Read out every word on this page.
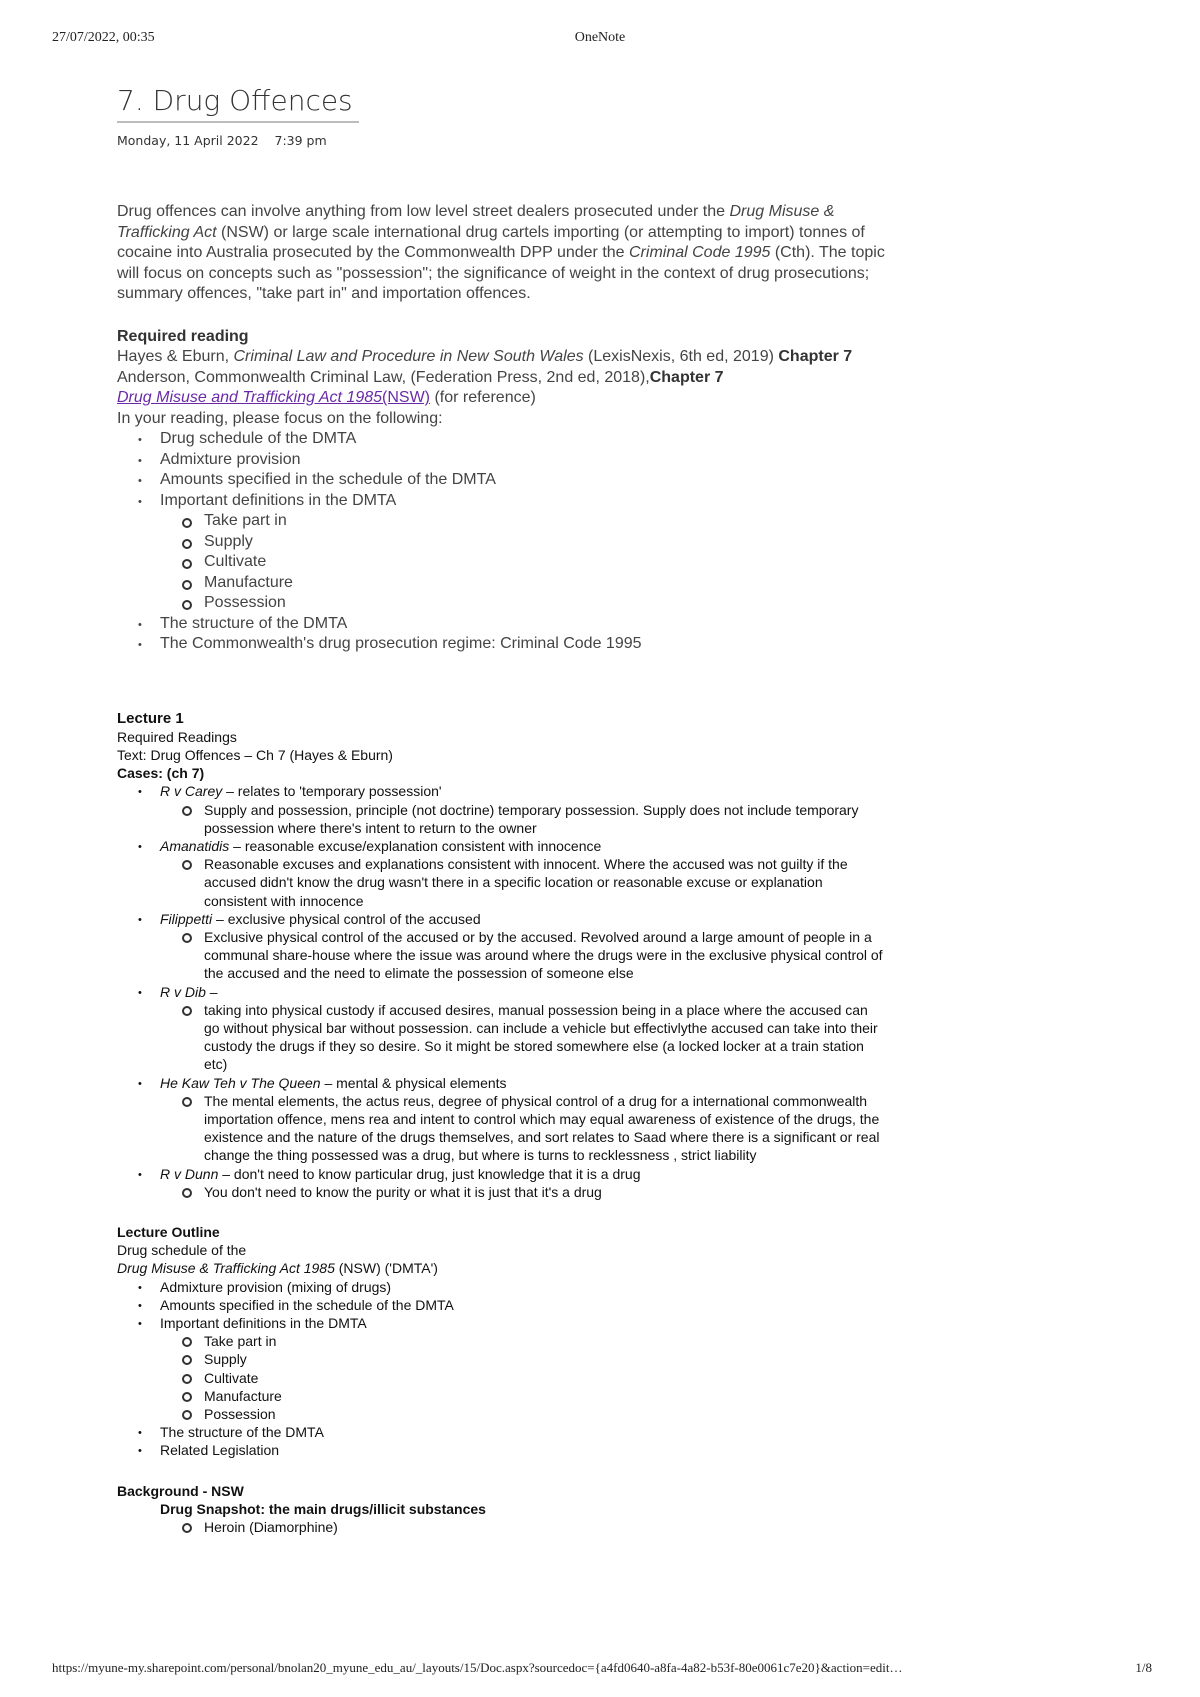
27/07/2022, 00:35	OneNote
7. Drug Offences
Monday, 11 April 2022 7:39 pm
Drug offences can involve anything from low level street dealers prosecuted under the Drug Misuse & Trafficking Act (NSW) or large scale international drug cartels importing (or attempting to import) tonnes of cocaine into Australia prosecuted by the Commonwealth DPP under the Criminal Code 1995 (Cth). The topic will focus on concepts such as "possession"; the significance of weight in the context of drug prosecutions; summary offences, "take part in" and importation offences.
Required reading
Hayes & Eburn, Criminal Law and Procedure in New South Wales (LexisNexis, 6th ed, 2019) Chapter 7
Anderson, Commonwealth Criminal Law, (Federation Press, 2nd ed, 2018),Chapter 7
Drug Misuse and Trafficking Act 1985(NSW) (for reference)
In your reading, please focus on the following:
• Drug schedule of the DMTA
• Admixture provision
• Amounts specified in the schedule of the DMTA
• Important definitions in the DMTA
Take part in
Supply
Cultivate
Manufacture
Possession
• The structure of the DMTA
• The Commonwealth's drug prosecution regime: Criminal Code 1995
Lecture 1
Required Readings
Text: Drug Offences – Ch 7 (Hayes & Eburn)
Cases: (ch 7)
• R v Carey – relates to 'temporary possession'
Supply and possession, principle (not doctrine) temporary possession. Supply does not include temporary possession where there's intent to return to the owner
• Amanatidis – reasonable excuse/explanation consistent with innocence
Reasonable excuses and explanations consistent with innocent. Where the accused was not guilty if the accused didn't know the drug wasn't there in a specific location or reasonable excuse or explanation consistent with innocence
• Filippetti – exclusive physical control of the accused
Exclusive physical control of the accused or by the accused. Revolved around a large amount of people in a communal share-house where the issue was around where the drugs were in the exclusive physical control of the accused and the need to elimate the possession of someone else
• R v Dib –
taking into physical custody if accused desires, manual possession being in a place where the accused can go without physical bar without possession. can include a vehicle but effectivlythe accused can take into their custody the drugs if they so desire. So it might be stored somewhere else (a locked locker at a train station etc)
• He Kaw Teh v The Queen – mental & physical elements
The mental elements, the actus reus, degree of physical control of a drug for a international commonwealth importation offence, mens rea and intent to control which may equal awareness of existence of the drugs, the existence and the nature of the drugs themselves, and sort relates to Saad where there is a significant or real change the thing possessed was a drug, but where is turns to recklessness , strict liability
• R v Dunn – don't need to know particular drug, just knowledge that it is a drug
You don't need to know the purity or what it is just that it's a drug
Lecture Outline
Drug schedule of the
Drug Misuse & Trafficking Act 1985 (NSW) ('DMTA')
• Admixture provision (mixing of drugs)
• Amounts specified in the schedule of the DMTA
• Important definitions in the DMTA
Take part in
Supply
Cultivate
Manufacture
Possession
• The structure of the DMTA
• Related Legislation
Background - NSW

Drug Snapshot: the main drugs/illicit substances
Heroin (Diamorphine)
https://myune-my.sharepoint.com/personal/bnolan20_myune_edu_au/_layouts/15/Doc.aspx?sourcedoc={a4fd0640-a8fa-4a82-b53f-80e0061c7e20}&action=edit…	1/8
